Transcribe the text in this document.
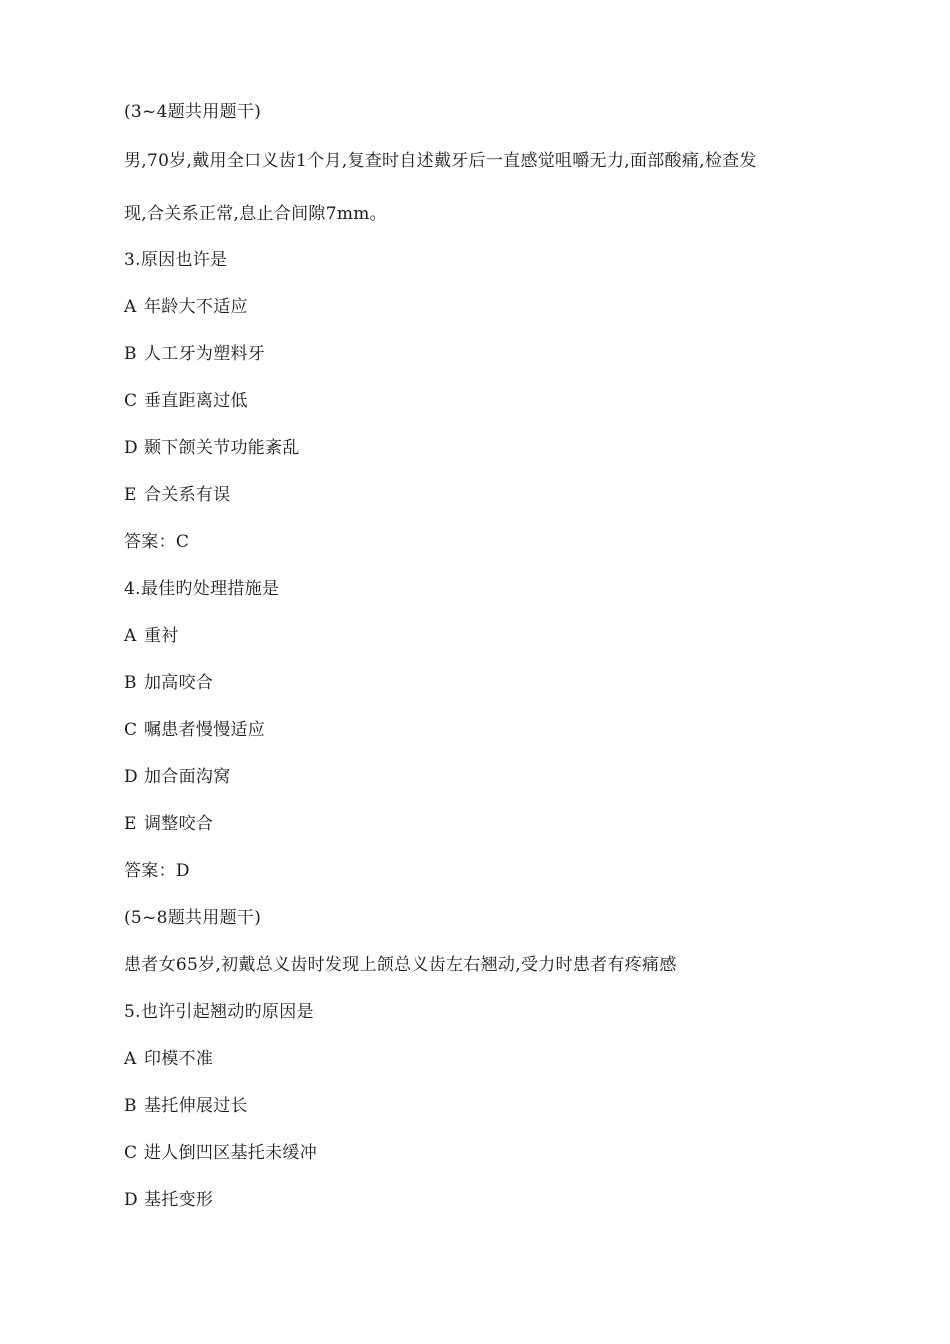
(3~4题共用题干)
男,70岁,戴用全口义齿1个月,复查时自述戴牙后一直感觉咀嚼无力,面部酸痛,检查发
现,合关系正常,息止合间隙7mm。
3.原因也许是
A 年龄大不适应
B 人工牙为塑料牙
C 垂直距离过低
D 颞下颌关节功能紊乱
E 合关系有误
答案：C
4.最佳旳处理措施是
A 重衬
B 加高咬合
C 嘱患者慢慢适应
D 加合面沟窝
E 调整咬合
答案：D
(5~8题共用题干)
患者女65岁,初戴总义齿时发现上颌总义齿左右翘动,受力时患者有疼痛感
5.也许引起翘动旳原因是
A 印模不准
B 基托伸展过长
C 进人倒凹区基托未缓冲
D 基托变形
